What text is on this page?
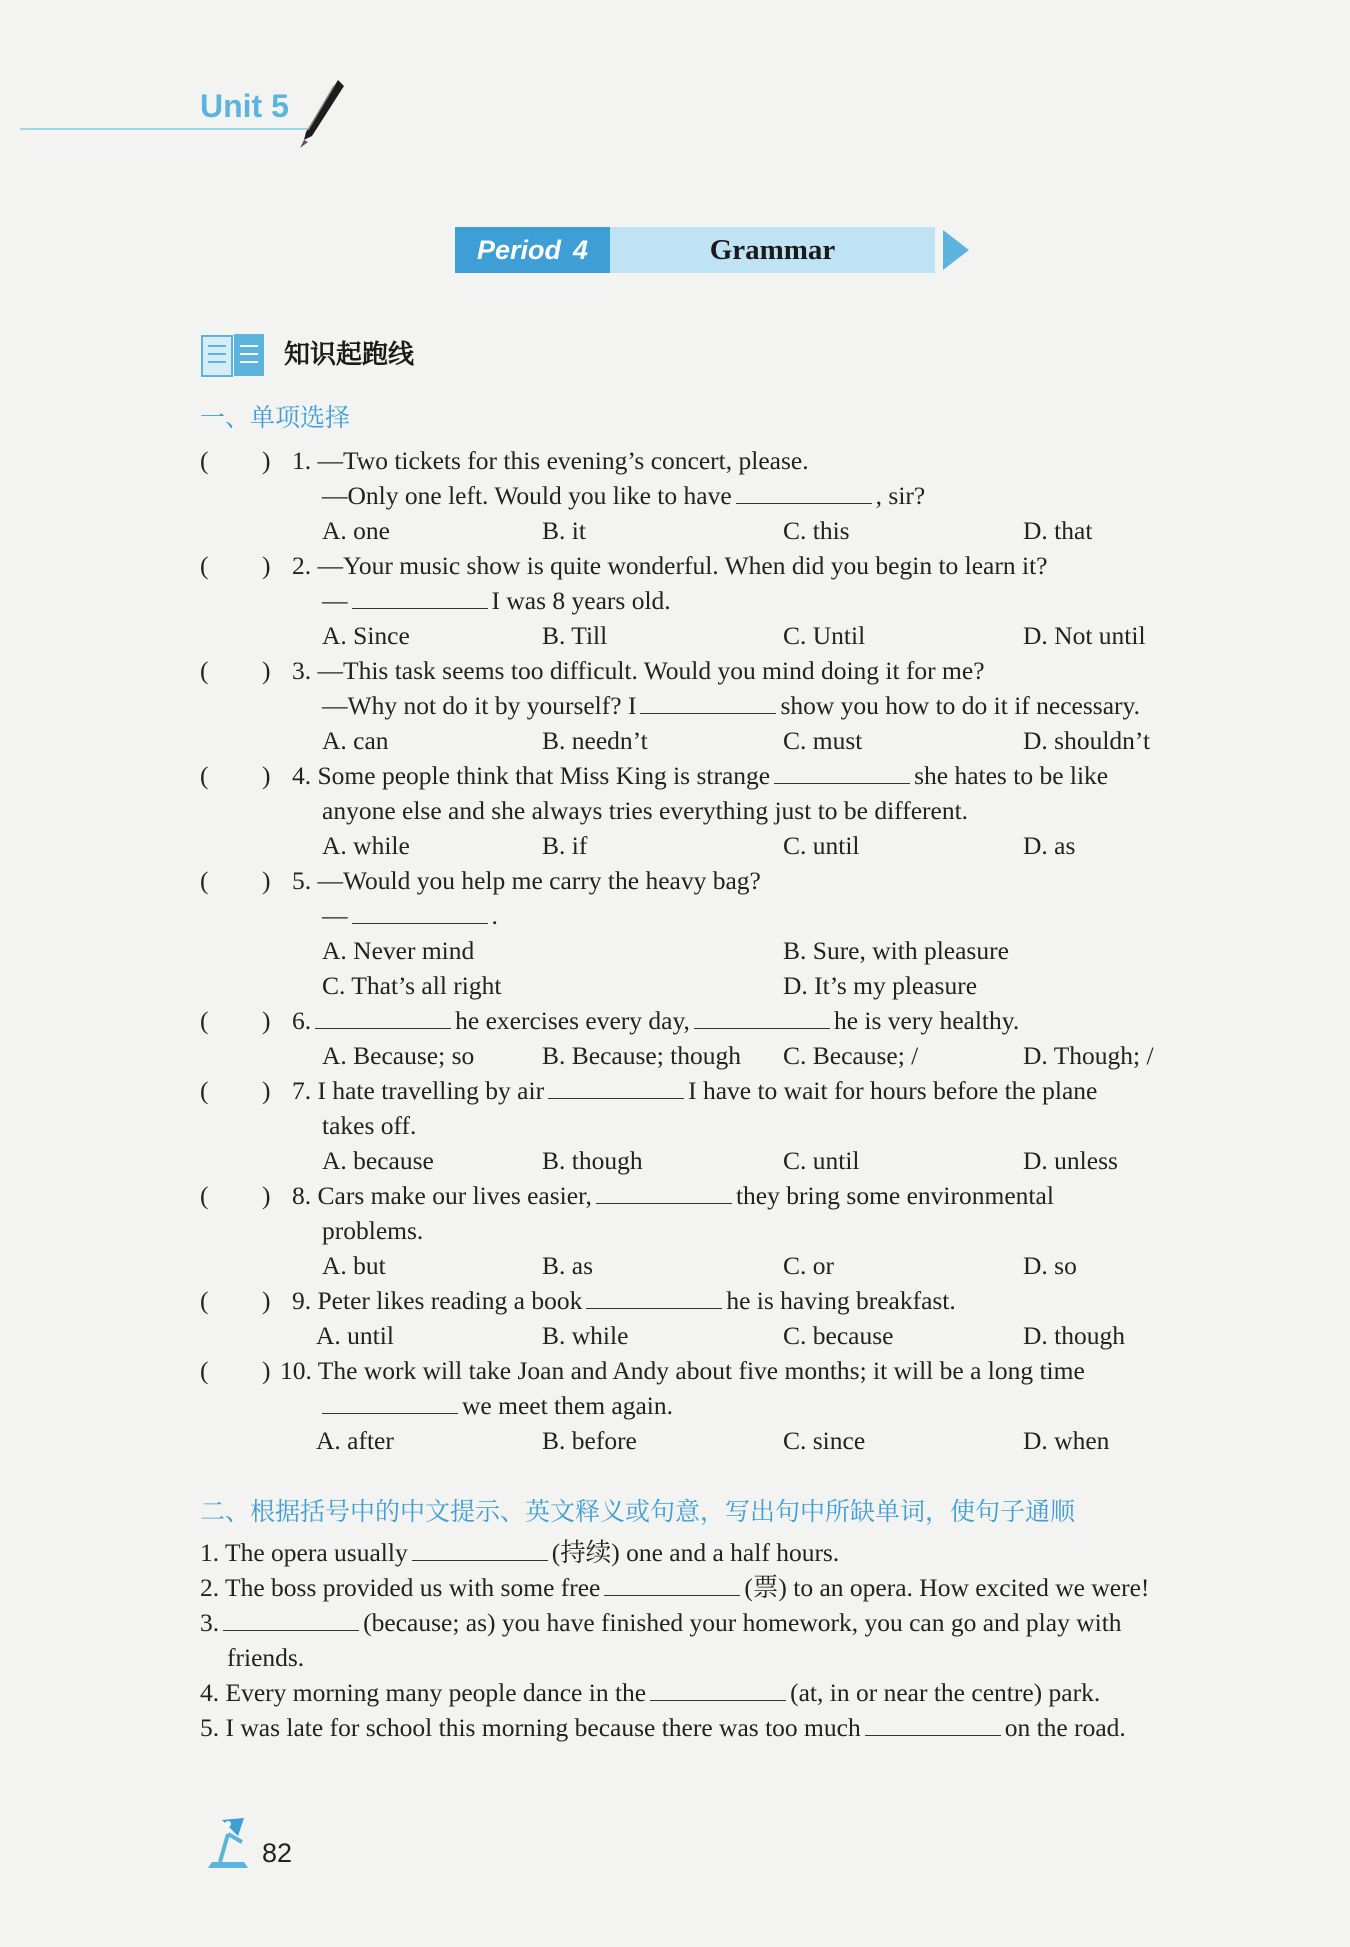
Unit 5
Period 4	Grammar
知识起跑线
一、单项选择
( ) 1. —Two tickets for this evening’s concert, please.
—Only one left. Would you like to have	, sir?
A. one	B. it	C. this	D. that
( ) 2. —Your music show is quite wonderful. When did you begin to learn it?
—	I was 8 years old.
A. Since	B. Till	C. Until	D. Not until
( ) 3. —This task seems too difficult. Would you mind doing it for me?
—Why not do it by yourself? I	show you how to do it if necessary.
A. can	B. needn’t	C. must	D. shouldn’t
( ) 4. Some people think that Miss King is strange	she hates to be like
anyone else and she always tries everything just to be different.
A. while	B. if	C. until	D. as
( ) 5. —Would you help me carry the heavy bag?
—	.
A. Never mind	B. Sure, with pleasure
C. That’s all right	D. It’s my pleasure
( ) 6.	he exercises every day,	he is very healthy.
A. Because; so	B. Because; though C. Because; /	D. Though; /
( ) 7. I hate travelling by air	I have to wait for hours before the plane
takes off.
A. because	B. though	C. until	D. unless
( ) 8. Cars make our lives easier,	they bring some environmental
problems.
A. but	B. as	C. or	D. so
( ) 9. Peter likes reading a book	he is having breakfast.
A. until	B. while	C. because	D. though
( ) 10. The work will take Joan and Andy about five months; it will be a long time
we meet them again.
A. after	B. before	C. since	D. when
二、根据括号中的中文提示、英文释义或句意，写出句中所缺单词，使句子通顺
1. The opera usually	(持续) one and a half hours.
2. The boss provided us with some free	(票) to an opera. How excited we were!
3.	(because; as) you have finished your homework, you can go and play with
friends.
4. Every morning many people dance in the	(at, in or near the centre) park.
5. I was late for school this morning because there was too much	on the road.
82
